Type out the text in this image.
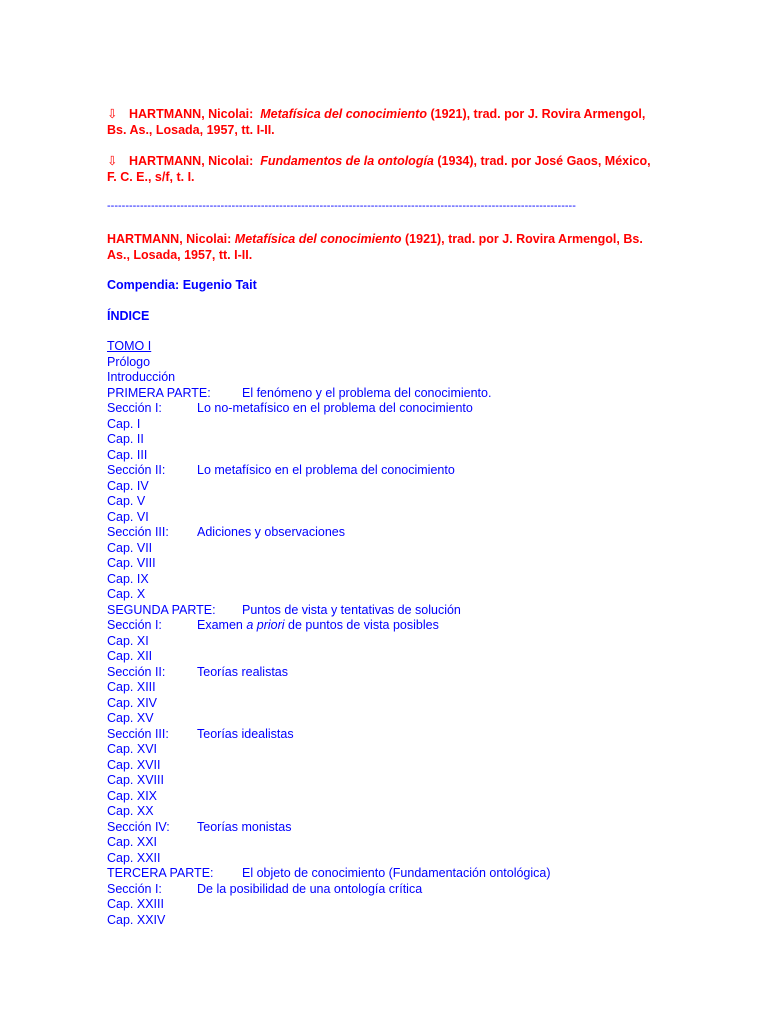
⇩ HARTMANN, Nicolai: Metafísica del conocimiento (1921), trad. por J. Rovira Armengol,
Bs. As., Losada, 1957, tt. I-II.
⇩ HARTMANN, Nicolai: Fundamentos de la ontología (1934), trad. por José Gaos, México,
F. C. E., s/f, t. I.
--------------------------------------------------------------------------------------------------------------------------------
HARTMANN, Nicolai: Metafísica del conocimiento (1921), trad. por J. Rovira Armengol, Bs.
As., Losada, 1957, tt. I-II.
Compendia: Eugenio Tait
ÍNDICE
TOMO I
Prólogo
Introducción
PRIMERA PARTE:	El fenómeno y el problema del conocimiento.
Sección I:	Lo no-metafísico en el problema del conocimiento
Cap. I
Cap. II
Cap. III
Sección II:	Lo metafísico en el problema del conocimiento
Cap. IV
Cap. V
Cap. VI
Sección III: Adiciones y observaciones
Cap. VII
Cap. VIII
Cap. IX
Cap. X
SEGUNDA PARTE: Puntos de vista y tentativas de solución
Sección I:	Examen a priori de puntos de vista posibles
Cap. XI
Cap. XII
Sección II:	Teorías realistas
Cap. XIII
Cap. XIV
Cap. XV
Sección III: Teorías idealistas
Cap. XVI
Cap. XVII
Cap. XVIII
Cap. XIX
Cap. XX
Sección IV: Teorías monistas
Cap. XXI
Cap. XXII
TERCERA PARTE: El objeto de conocimiento (Fundamentación ontológica)
Sección I:	De la posibilidad de una ontología crítica
Cap. XXIII
Cap. XXIV
